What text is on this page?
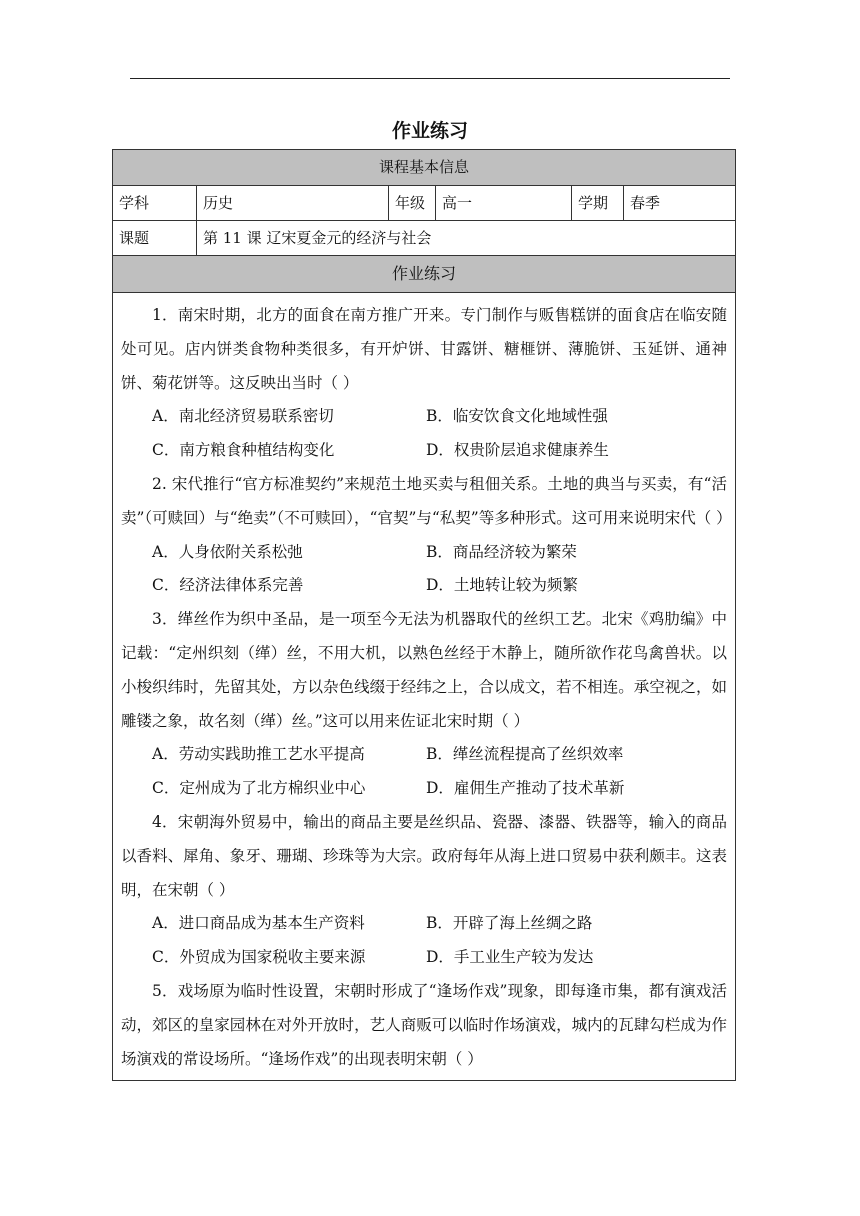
作业练习
课程基本信息
学科	历史	年级	高一	学期	春季
课题	第 11 课 辽宋夏金元的经济与社会
作业练习

1．南宋时期，北方的面食在南方推广开来。专门制作与贩售糕饼的面食店在临安随处可见。店内饼类食物种类很多，有开炉饼、甘露饼、糖榧饼、薄脆饼、玉延饼、通神饼、菊花饼等。这反映出当时（ ）

A．南北经济贸易联系密切	B．临安饮食文化地域性强
C．南方粮食种植结构变化	D．权贵阶层追求健康养生

2. 宋代推行“官方标准契约”来规范土地买卖与租佃关系。土地的典当与买卖，有“活卖”（可赎回）与“绝卖”（不可赎回），“官契”与“私契”等多种形式。这可用来说明宋代（ ）

A．人身依附关系松弛	B．商品经济较为繁荣
C．经济法律体系完善	D．土地转让较为频繁

3．缂丝作为织中圣品，是一项至今无法为机器取代的丝织工艺。北宋《鸡肋编》中记载：“定州织刻（缂）丝，不用大机，以熟色丝经于木静上，随所欲作花鸟禽兽状。以小梭织纬时，先留其处，方以杂色线缀于经纬之上，合以成文，若不相连。承空视之，如雕镂之象，故名刻（缂）丝。”这可以用来佐证北宋时期（ ）

A．劳动实践助推工艺水平提高	B．缂丝流程提高了丝织效率
C．定州成为了北方棉织业中心	D．雇佣生产推动了技术革新

4．宋朝海外贸易中，输出的商品主要是丝织品、瓷器、漆器、铁器等，输入的商品以香料、犀角、象牙、珊瑚、珍珠等为大宗。政府每年从海上进口贸易中获利颇丰。这表明，在宋朝（ ）

A．进口商品成为基本生产资料	B．开辟了海上丝绸之路
C．外贸成为国家税收主要来源	D．手工业生产较为发达

5．戏场原为临时性设置，宋朝时形成了“逢场作戏”现象，即每逢市集，都有演戏活动，郊区的皇家园林在对外开放时，艺人商贩可以临时作场演戏，城内的瓦肆勾栏成为作场演戏的常设场所。“逢场作戏”的出现表明宋朝（ ）
